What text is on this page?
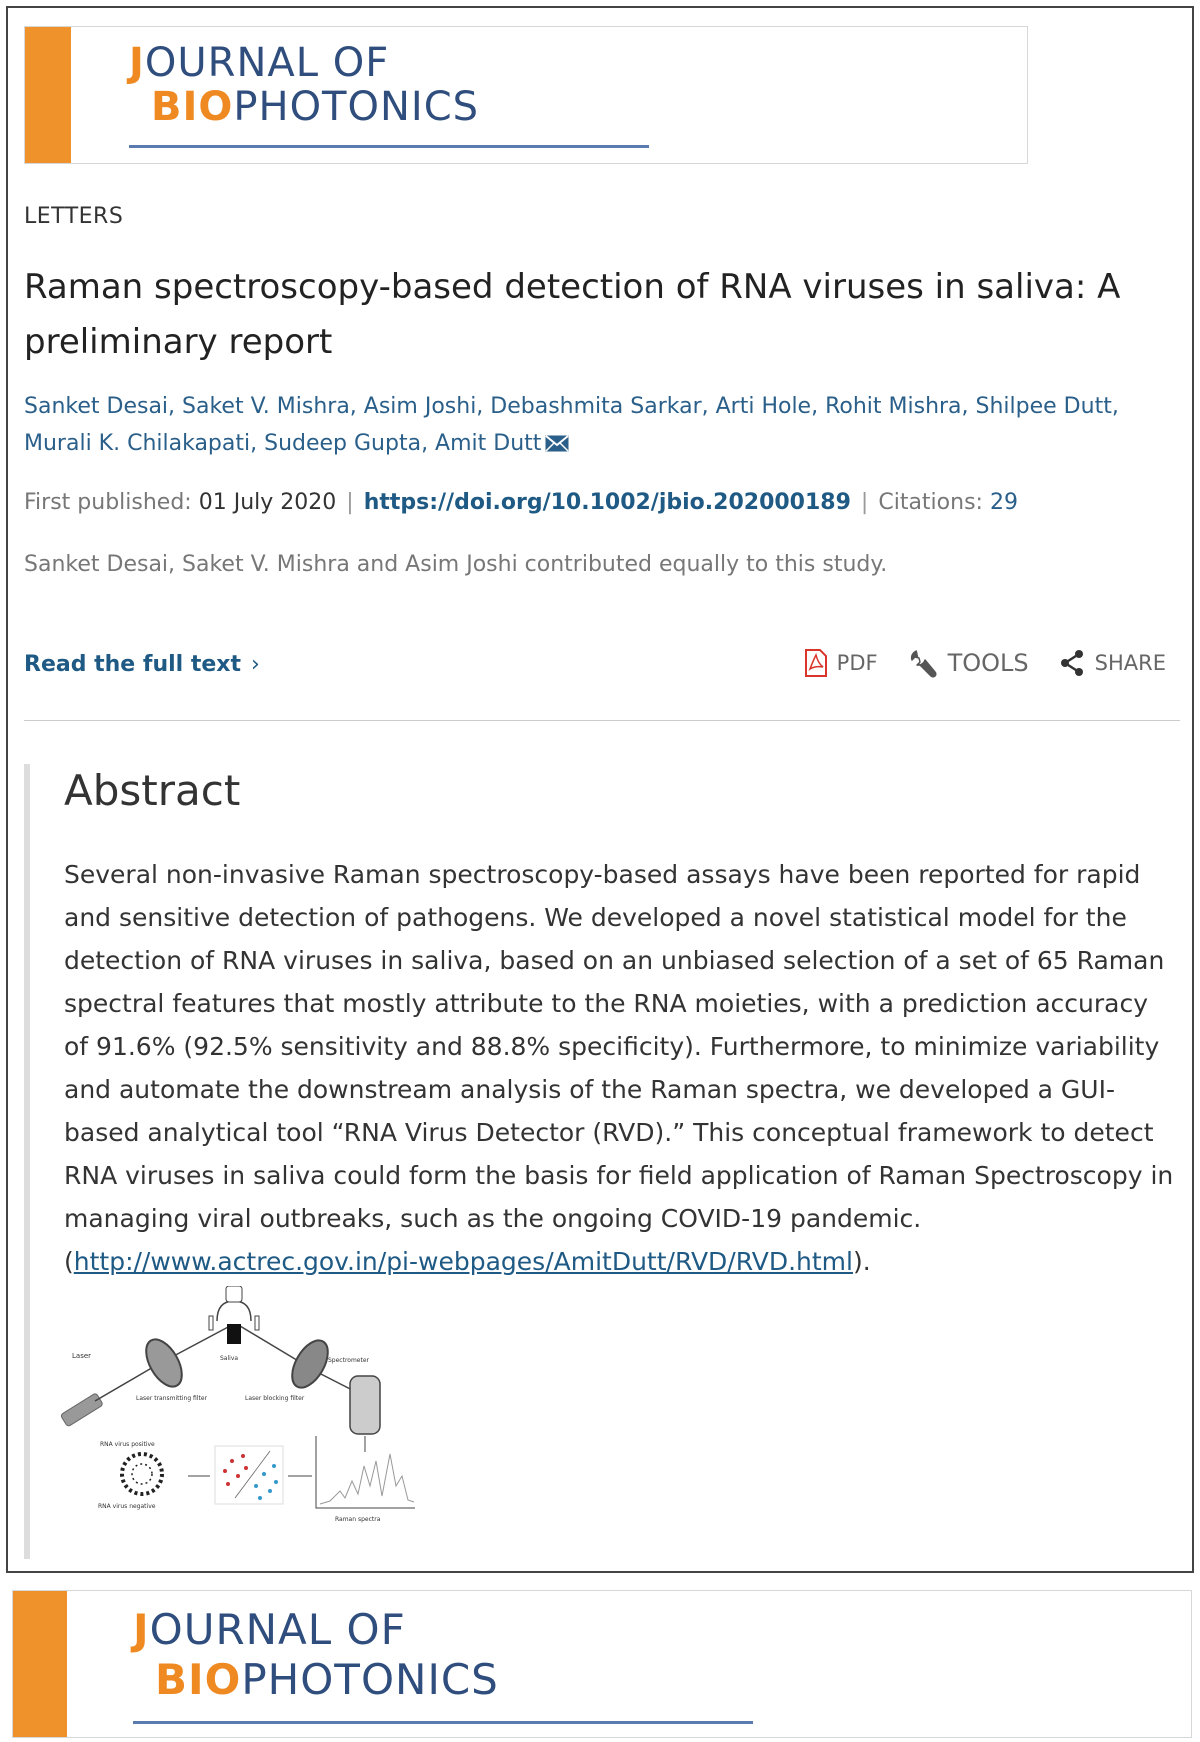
JOURNAL OF
BIOPHOTONICS
LETTERS
Raman spectroscopy-based detection of RNA viruses in saliva: A preliminary report
Sanket Desai, Saket V. Mishra, Asim Joshi, Debashmita Sarkar, Arti Hole, Rohit Mishra, Shilpee Dutt, Murali K. Chilakapati, Sudeep Gupta, Amit Dutt
First published: 01 July 2020 | https://doi.org/10.1002/jbio.202000189 | Citations: 29
Sanket Desai, Saket V. Mishra and Asim Joshi contributed equally to this study.
Read the full text ›	PDF	TOOLS	SHARE
Abstract

Several non-invasive Raman spectroscopy-based assays have been reported for rapid and sensitive detection of pathogens. We developed a novel statistical model for the detection of RNA viruses in saliva, based on an unbiased selection of a set of 65 Raman spectral features that mostly attribute to the RNA moieties, with a prediction accuracy of 91.6% (92.5% sensitivity and 88.8% specificity). Furthermore, to minimize variability and automate the downstream analysis of the Raman spectra, we developed a GUI-based analytical tool “RNA Virus Detector (RVD).” This conceptual framework to detect RNA viruses in saliva could form the basis for field application of Raman Spectroscopy in managing viral outbreaks, such as the ongoing COVID-19 pandemic. (http://www.actrec.gov.in/pi-webpages/AmitDutt/RVD/RVD.html).

Laser
Laser transmitting filter	Laser blocking filter
Saliva	Spectrometer
Raman spectra
RNA virus positive
RNA virus negative
JOURNAL OF
BIOPHOTONICS
